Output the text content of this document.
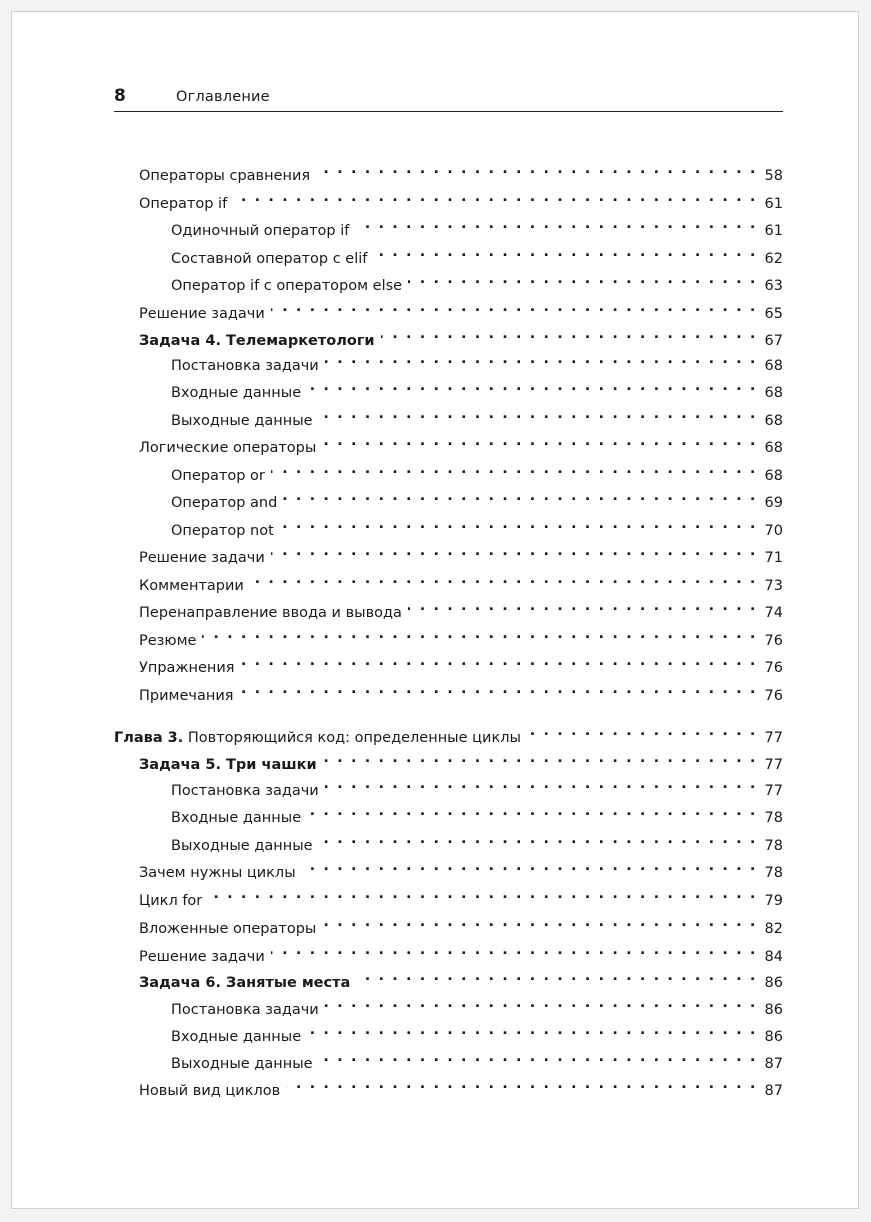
8	Оглавление
Операторы сравнения . . .	58
Оператор if . . .	61
Одиночный оператор if . . .	61
Составной оператор с elif . . .	62
Оператор if с оператором else . . .	63
Решение задачи . . .	65
Задача 4. Телемаркетологи . . .	67
Постановка задачи . . .	68
Входные данные . . .	68
Выходные данные . . .	68
Логические операторы . . .	68
Оператор or . . .	68
Оператор and . . .	69
Оператор not . . .	70
Решение задачи . . .	71
Комментарии . . .	73
Перенаправление ввода и вывода . . .	74
Резюме . . .	76
Упражнения . . .	76
Примечания . . .	76
Глава 3. Повторяющийся код: определенные циклы . . .	77
Задача 5. Три чашки . . .	77
Постановка задачи . . .	77
Входные данные . . .	78
Выходные данные . . .	78
Зачем нужны циклы . . .	78
Цикл for . . .	79
Вложенные операторы . . .	82
Решение задачи . . .	84
Задача 6. Занятые места . . .	86
Постановка задачи . . .	86
Входные данные . . .	86
Выходные данные . . .	87
Новый вид циклов . . .	87
